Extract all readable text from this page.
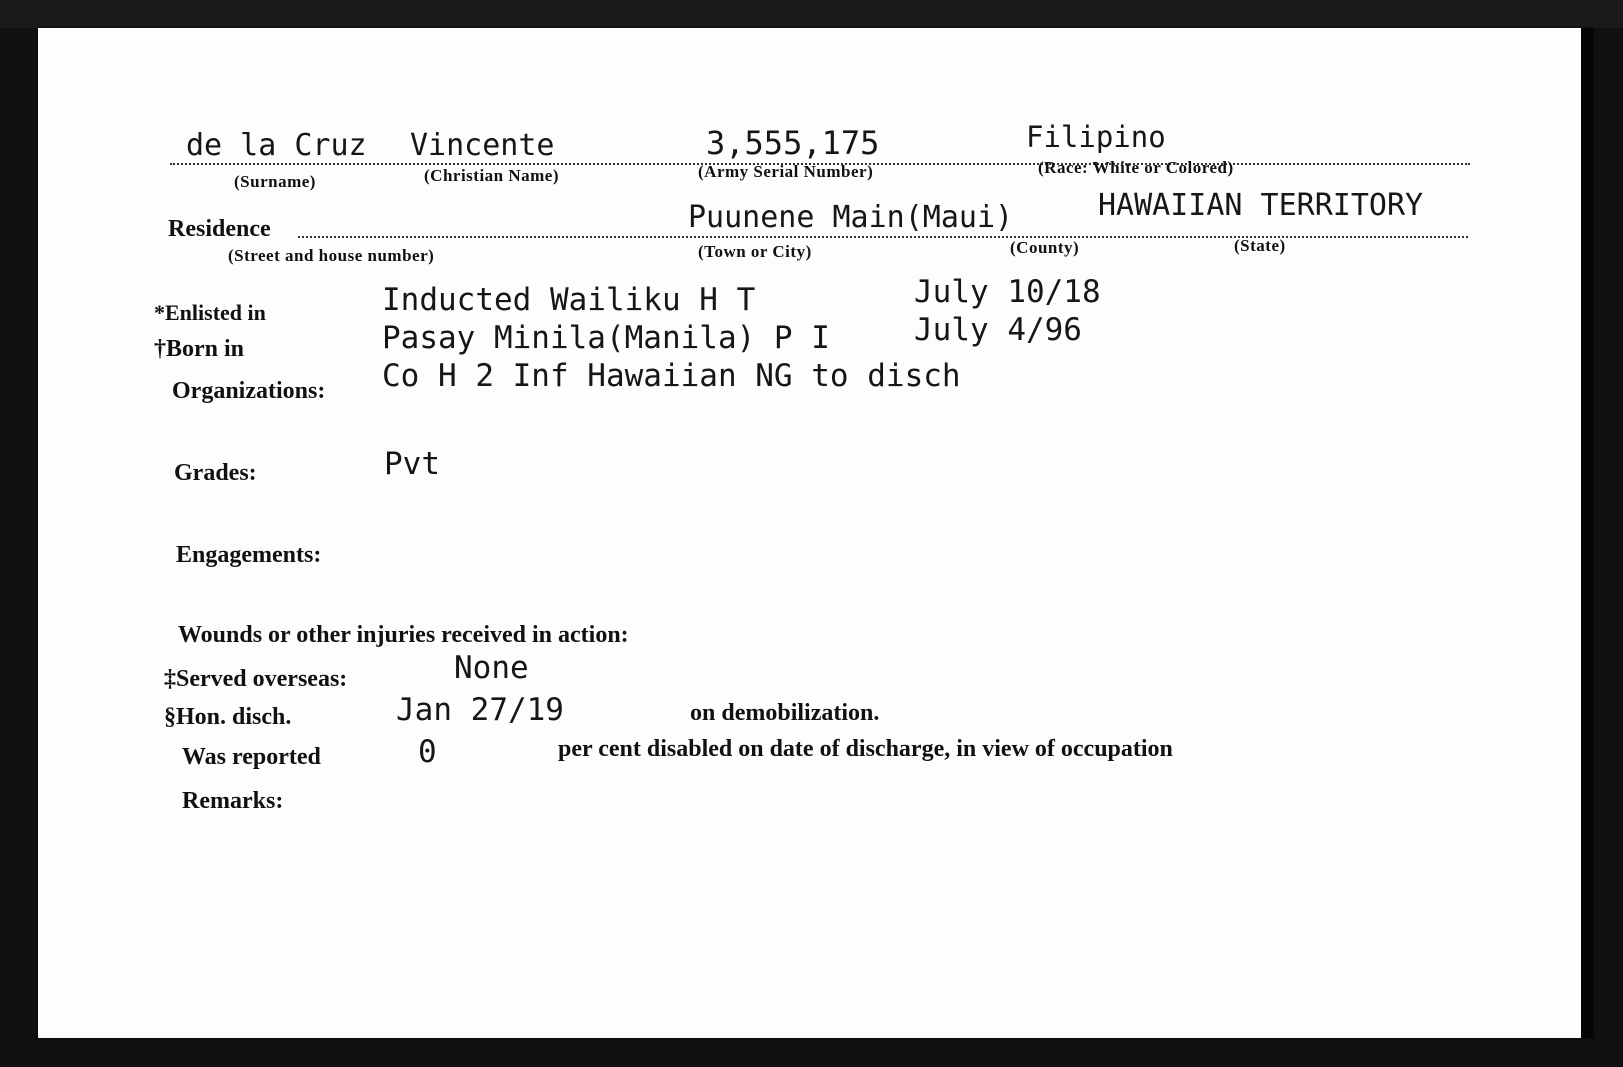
de la Cruz Vincente	3,555,175	Filipino
(Surname)	(Christian Name)	(Army Serial Number)	(Race: White or Colored)
Residence	Puunene Main(Maui)	HAWAIIAN TERRITORY
(Street and house number)	(Town or City)	(County)	(State)
*Enlisted in	Inducted Wailiku H T	July 10/18
†Born in	Pasay Minila(Manila) P I	July 4/96
Organizations: Co H 2 Inf Hawaiian NG to disch
Grades:	Pvt
Engagements:
Wounds or other injuries received in action:
‡Served overseas:	None
§Hon. disch.	Jan 27/19	on demobilization.
Was reported	0	per cent disabled on date of discharge, in view of occupation
Remarks:
